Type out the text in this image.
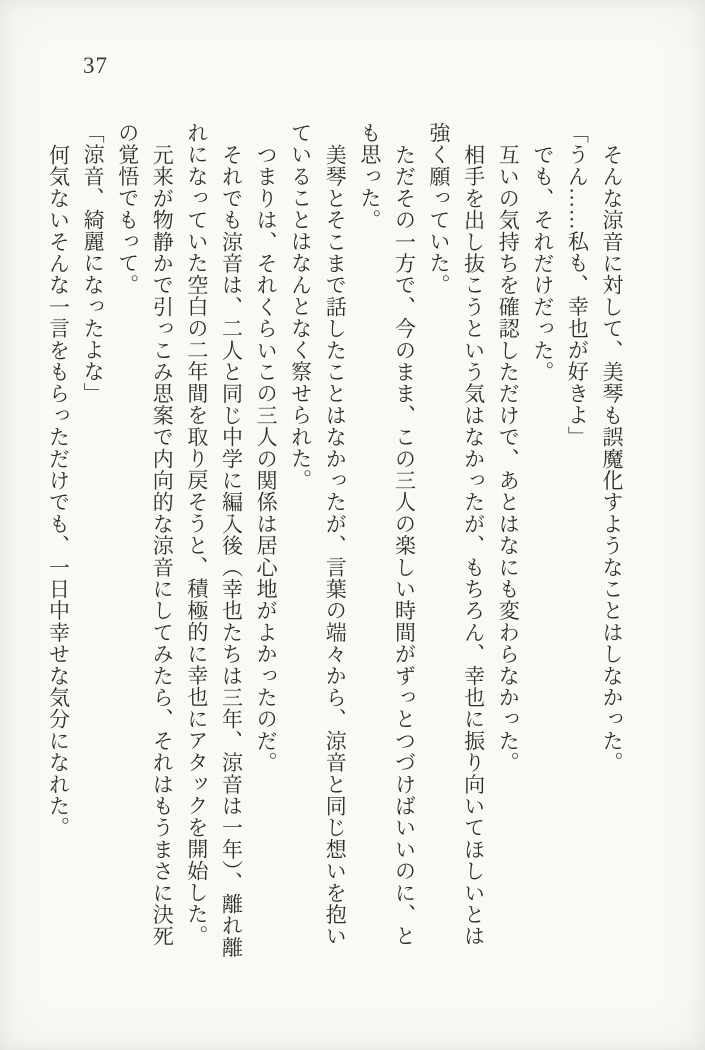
37

そんな涼音に対して、美琴も誤魔化すようなことはしなかった。

「うん……私も、幸也が好きよ」

でも、それだけだった。

互いの気持ちを確認しただけで、あとはなにも変わらなかった。

相手を出し抜こうという気はなかったが、もちろん、幸也に振り向いてほしいとは

強く願っていた。

ただその一方で、今のまま、この三人の楽しい時間がずっとつづけばいいのに、と

も思った。

美琴とそこまで話したことはなかったが、言葉の端々から、涼音と同じ想いを抱い

ていることはなんとなく察せられた。

つまりは、それくらいこの三人の関係は居心地がよかったのだ。

それでも涼音は、二人と同じ中学に編入後（幸也たちは三年、涼音は一年）、離れ離

れになっていた空白の二年間を取り戻そうと、積極的に幸也にアタックを開始した。

元来が物静かで引っこみ思案で内向的な涼音にしてみたら、それはもうまさに決死

の覚悟でもって。

「涼音、綺麗になったよな」

何気ないそんな一言をもらっただけでも、一日中幸せな気分になれた。
